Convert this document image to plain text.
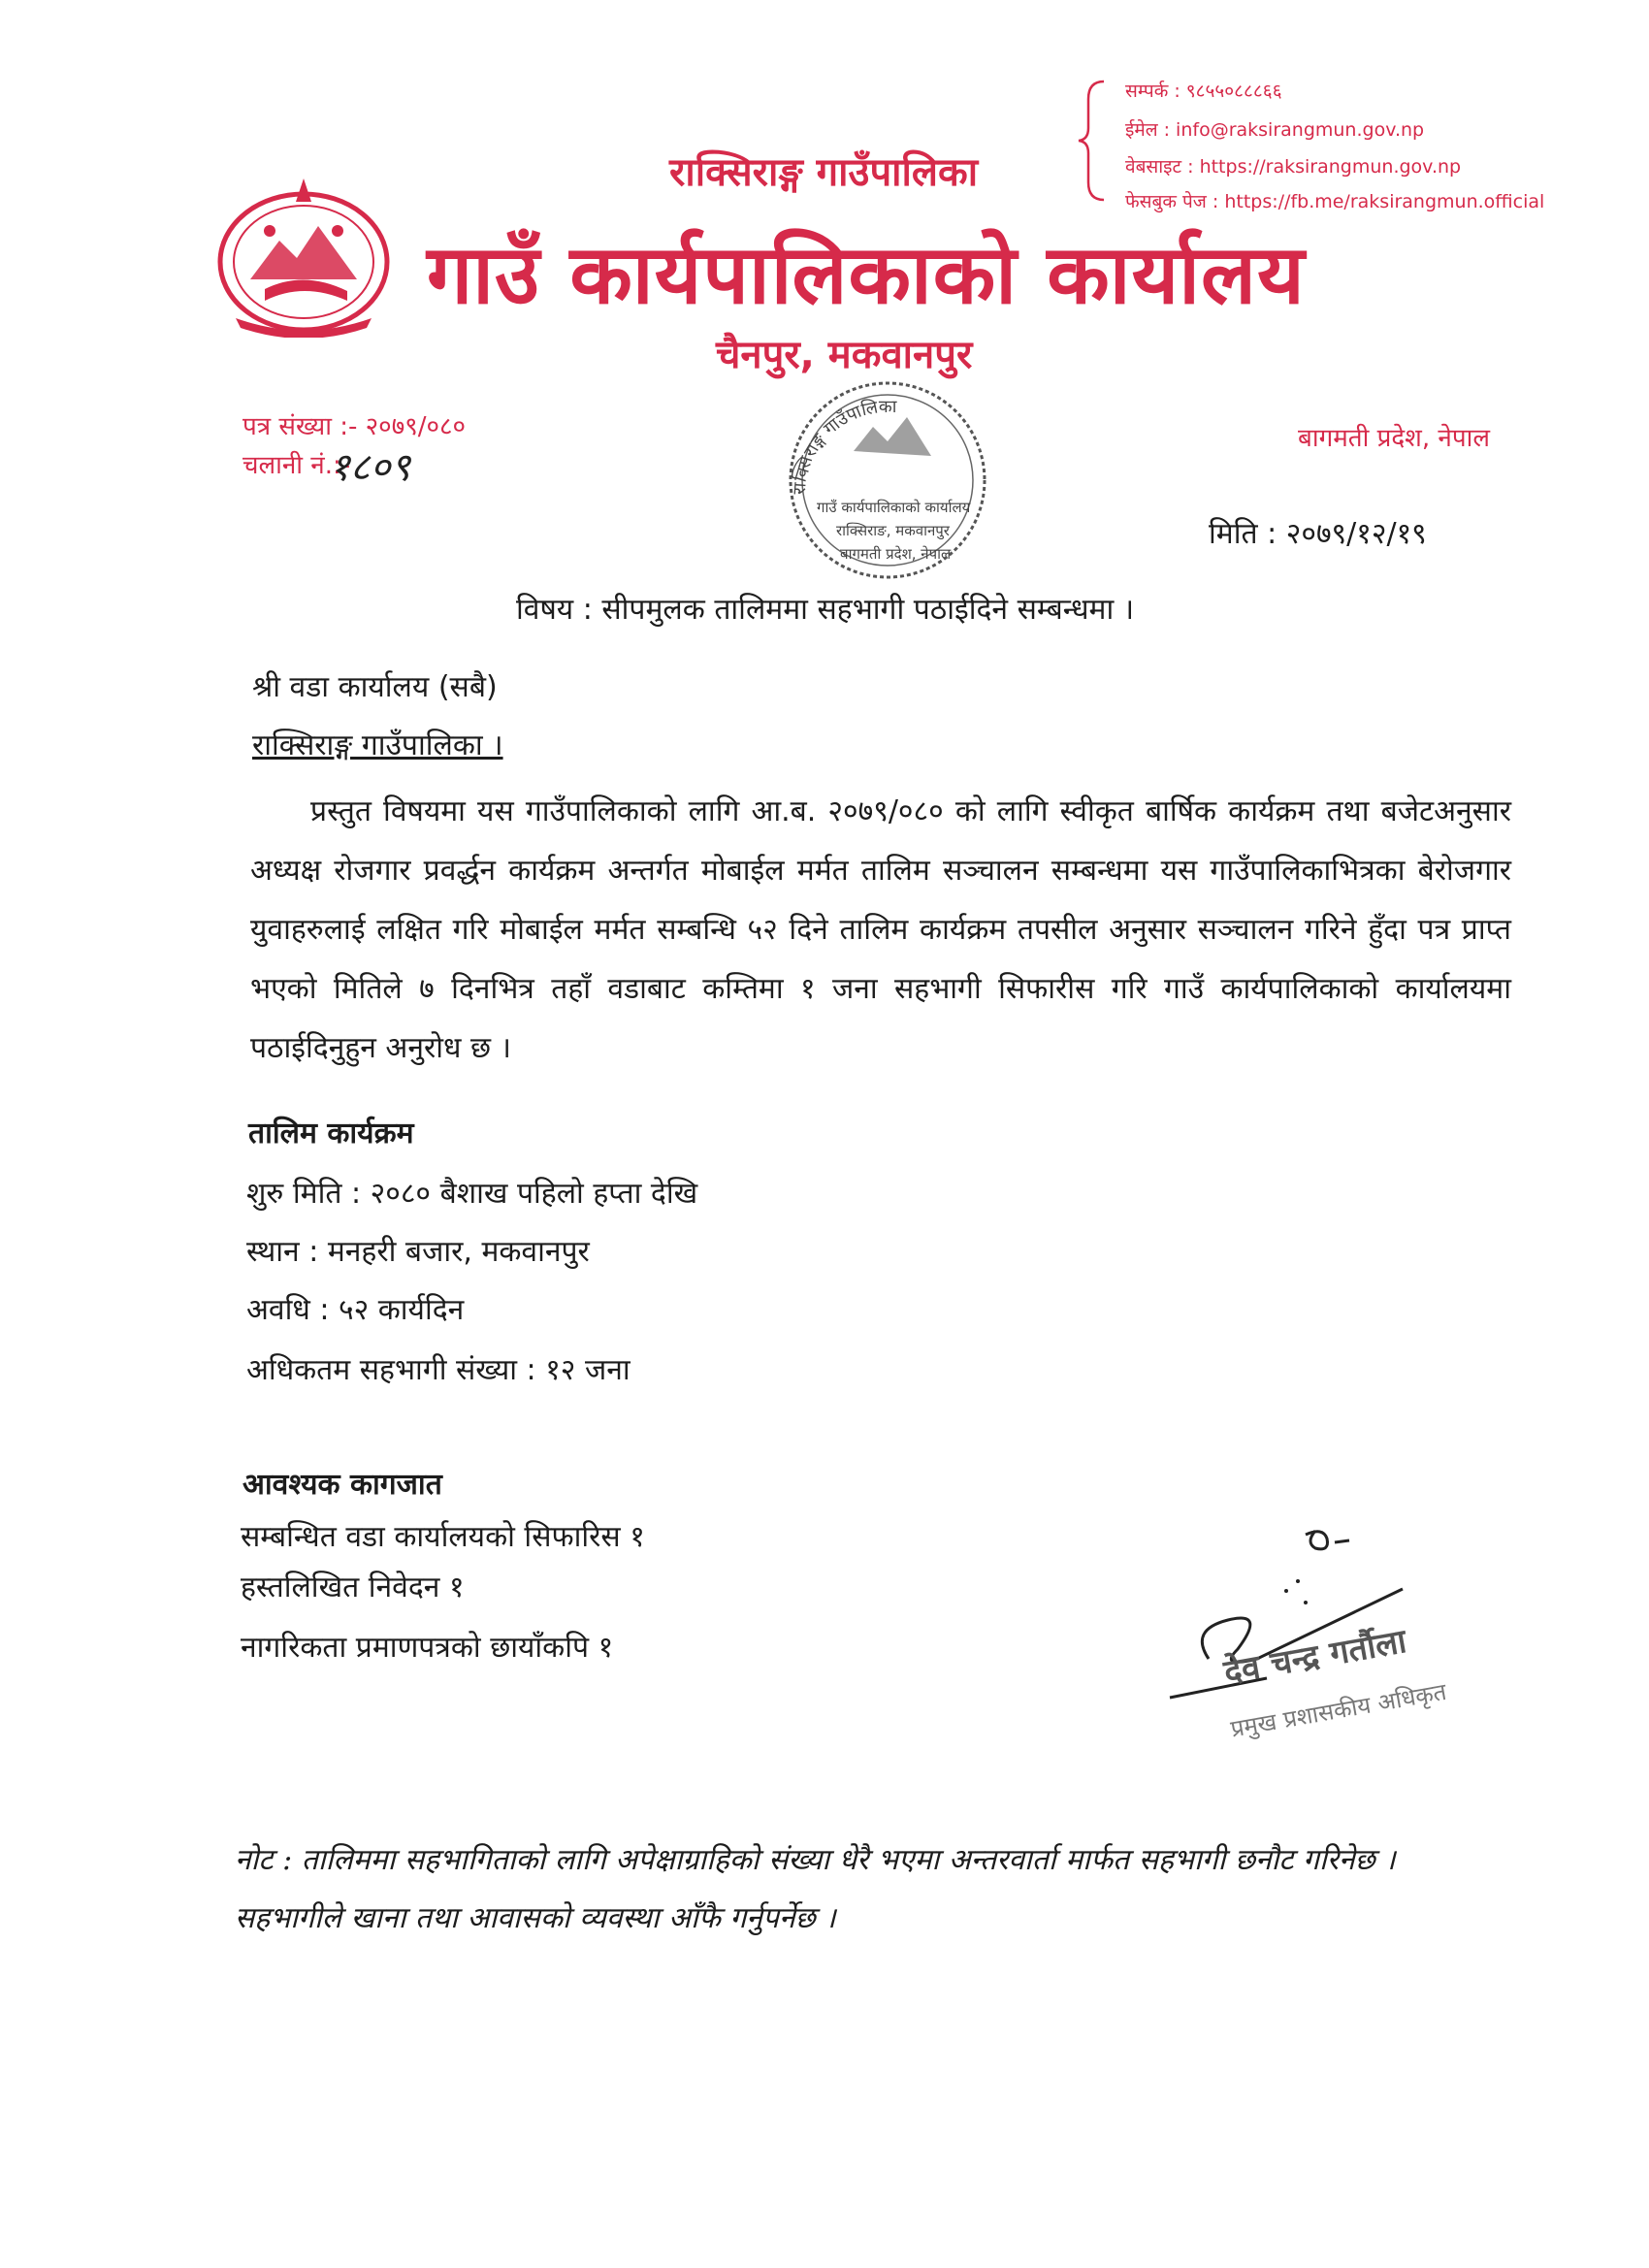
राक्सिराङ्ग गाउँपालिका
गाउँ कार्यपालिकाको कार्यालय
चैनपुर, मकवानपुर
सम्पर्क : ९८५५०८८८६६
ईमेल : info@raksirangmun.gov.np
वेबसाइट : https://raksirangmun.gov.np
फेसबुक पेज : https://fb.me/raksirangmun.official
पत्र संख्या :- २०७९/०८०
चलानी नं.:-
१८०९
बागमती प्रदेश, नेपाल
राक्सिराङ्ग गाउँपालिका
गाउँ कार्यपालिकाको कार्यालय
राक्सिराङ, मकवानपुर
बागमती प्रदेश, नेपाल
मिति : २०७९/१२/१९
विषय : सीपमुलक तालिममा सहभागी पठाईदिने सम्बन्धमा ।
श्री वडा कार्यालय (सबै)
राक्सिराङ्ग गाउँपालिका ।
प्रस्तुत विषयमा यस गाउँपालिकाको लागि आ.ब. २०७९/०८० को लागि स्वीकृत बार्षिक कार्यक्रम तथा बजेटअनुसार अध्यक्ष रोजगार प्रवर्द्धन कार्यक्रम अन्तर्गत मोबाईल मर्मत तालिम सञ्चालन सम्बन्धमा यस गाउँपालिकाभित्रका बेरोजगार युवाहरुलाई लक्षित गरि मोबाईल मर्मत सम्बन्धि ५२ दिने तालिम कार्यक्रम तपसील अनुसार सञ्चालन गरिने हुँदा पत्र प्राप्त भएको मितिले ७ दिनभित्र तहाँ वडाबाट कम्तिमा १ जना सहभागी सिफारीस गरि गाउँ कार्यपालिकाको कार्यालयमा पठाईदिनुहुन अनुरोध छ ।
तालिम कार्यक्रम
शुरु मिति : २०८० बैशाख पहिलो हप्ता देखि
स्थान : मनहरी बजार, मकवानपुर
अवधि : ५२ कार्यदिन
अधिकतम सहभागी संख्या : १२ जना
आवश्यक कागजात
सम्बन्धित वडा कार्यालयको सिफारिस १
हस्तलिखित निवेदन १
नागरिकता प्रमाणपत्रको छायाँकपि १	देव चन्द्र गर्तौला
प्रमुख प्रशासकीय अधिकृत
नोट : तालिममा सहभागिताको लागि अपेक्षाग्राहिको संख्या धेरै भएमा अन्तरवार्ता मार्फत सहभागी छनौट गरिनेछ । सहभागीले खाना तथा आवासको व्यवस्था आँफै गर्नुपर्नेछ ।
